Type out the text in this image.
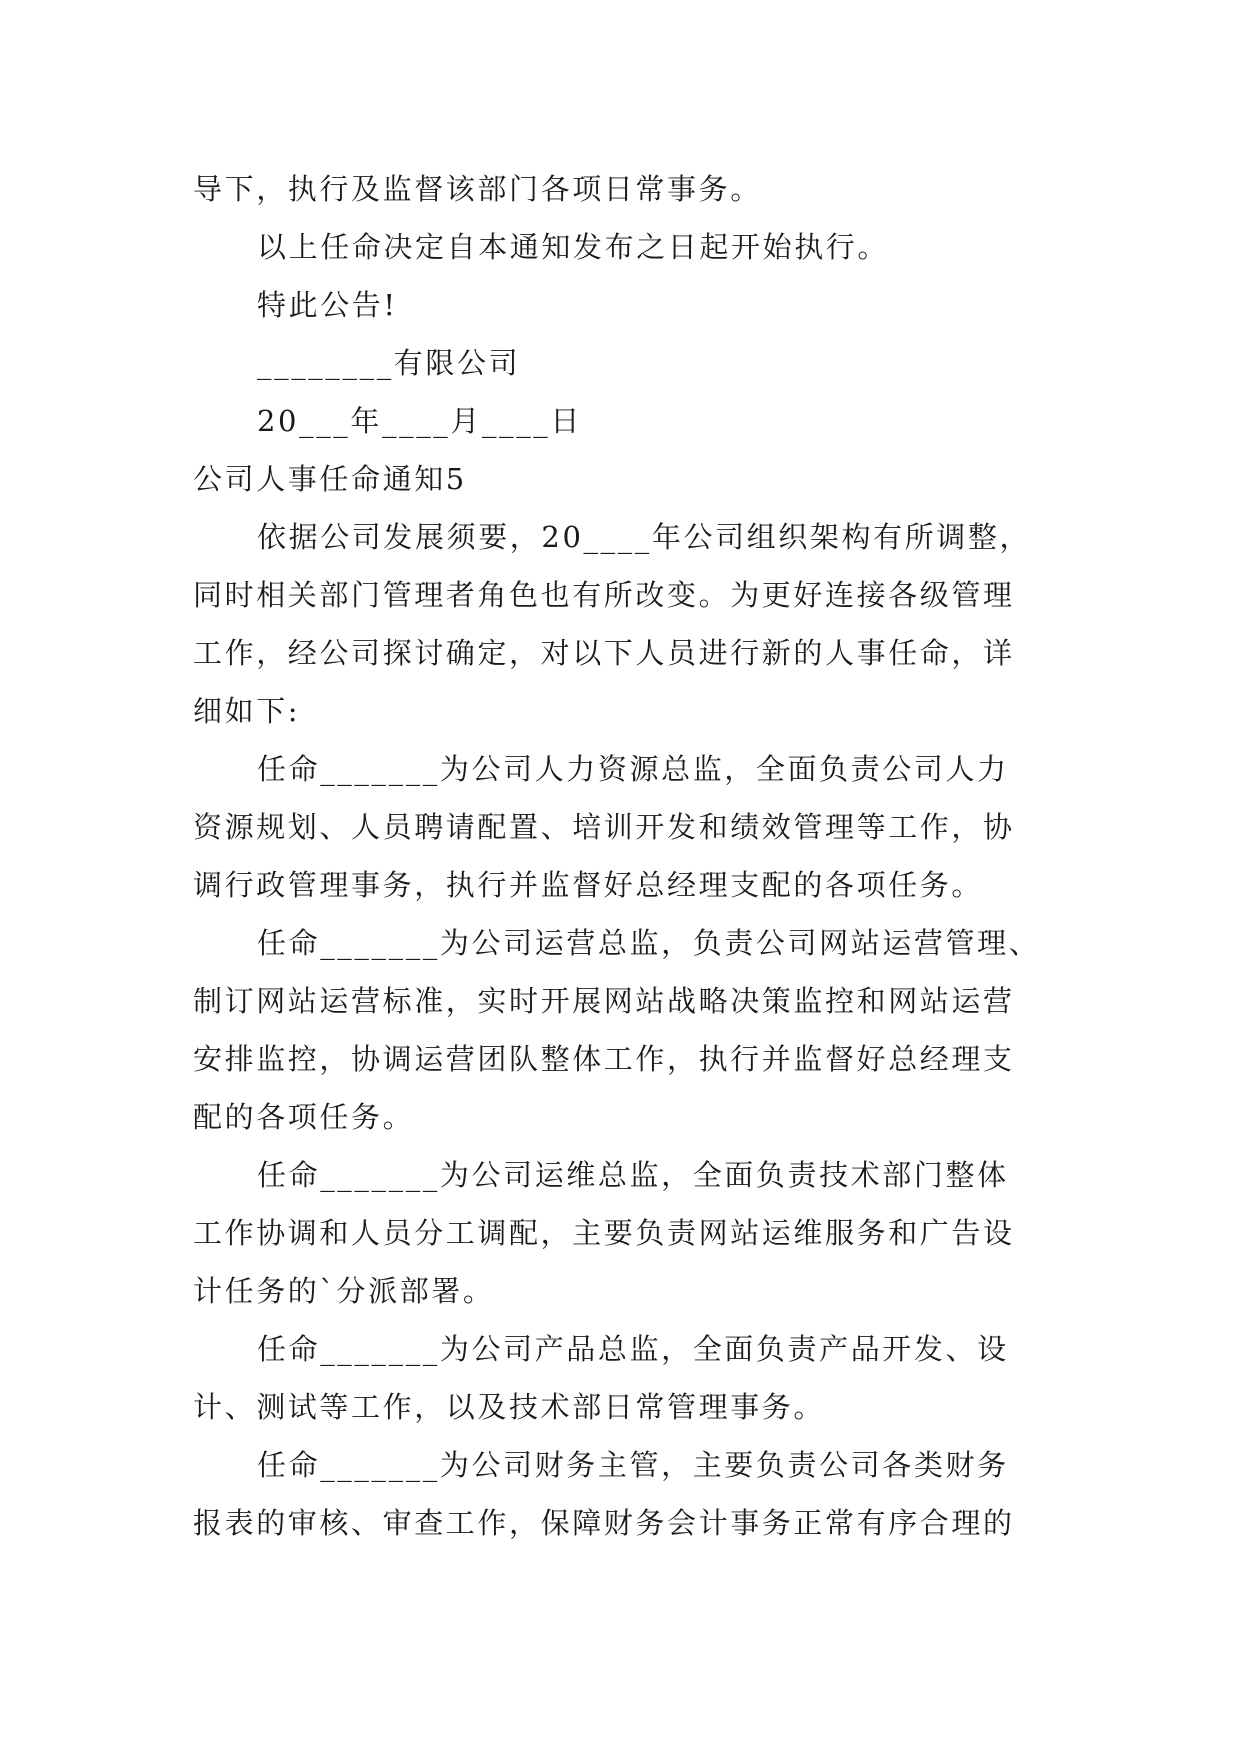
导下，执行及监督该部门各项日常事务。
以上任命决定自本通知发布之日起开始执行。
特此公告!
________有限公司
20___年____月____日
公司人事任命通知5
依据公司发展须要，20____年公司组织架构有所调整，
同时相关部门管理者角色也有所改变。为更好连接各级管理
工作，经公司探讨确定，对以下人员进行新的人事任命，详
细如下:
任命_______为公司人力资源总监，全面负责公司人力
资源规划、人员聘请配置、培训开发和绩效管理等工作，协
调行政管理事务，执行并监督好总经理支配的各项任务。
任命_______为公司运营总监，负责公司网站运营管理、
制订网站运营标准，实时开展网站战略决策监控和网站运营
安排监控，协调运营团队整体工作，执行并监督好总经理支
配的各项任务。
任命_______为公司运维总监，全面负责技术部门整体
工作协调和人员分工调配，主要负责网站运维服务和广告设
计任务的`分派部署。
任命_______为公司产品总监，全面负责产品开发、设
计、测试等工作，以及技术部日常管理事务。
任命_______为公司财务主管，主要负责公司各类财务
报表的审核、审查工作，保障财务会计事务正常有序合理的
